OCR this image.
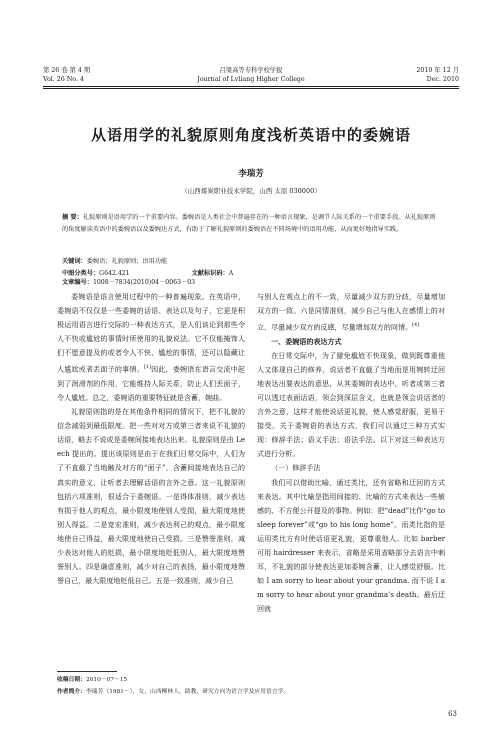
第 26 卷 第 4 期
Vol. 26 No. 4
吕梁高等专科学校学报
Journal of Lvliang Higher College
2010 年 12 月
Dec. 2010
从语用学的礼貌原则角度浅析英语中的委婉语
李瑞芳
（山西煤炭职业技术学院，山西 太原 030000）
摘 要：礼貌原则是语用学的一个重要内容。委婉语是人类社会中普遍存在的一种语言现象，是调节人际关系的一个重要手段。从礼貌原则的角度解读英语中的委婉语以及委婉达方式，有助于了解礼貌原则的委婉语在不同场境中的语用功能，从而更好地指导实践。
关键词：委婉语；礼貌原则；语用功能
中图分类号：G642.421	文献标识码：A 文章编号：1008－7834(2010)04－0063－03

委婉语是语言使用过程中的一种普遍现象。在英语中，委婉语不仅仅是一些委婉的话语、表达以及句子，它更是积极运用语言进行交际的一种表达方式，是人们谈论到那些令人不快或尴尬的事情时所使用的礼貌说法。它不仅能掩饰人们不愿意提及的或者令人不快、尴尬的事情，还可以隐藏让人尴尬或者丢面子的事情。[1]因此，委婉语在语言交流中起到了润滑剂的作用，它能维持人际关系，防止人们丢面子，令人尴尬。总之，委婉语的重要特征就是含蓄，婉曲。

礼貌原则指的是在其他条件相同的情况下，把不礼貌的信念减弱到最低限度。把一些对对方或第三者来说不礼貌的话语，略去不说或是委婉间接地表达出来。礼貌原则是由 Leech 提出的。提出该原则是由于在我们日常交际中，人们为了不直截了当地触及对方的“面子”，含蓄间接地表达自己的真实的意义，让听者去理解话语的言外之意。这一礼貌原则包括六项准则，很适合于委婉语。一是得体准则，减少表达有损于他人的观点，最小限度地使别人受损，最大限度地使别人得益。二是宽宏准则，减少表达利己的观点，最小限度地使自己得益，最大限度地使自己受损。三是赞誉准则，减少表达对他人的贬损，最小限度地贬低别人，最大限度地赞誉别人。四是谦虚准则，减少对自己的表扬，最小限度地赞誉自己，最大限度地贬低自己。五是一致准则，减少自己

与别人在观点上的不一致，尽量减少双方的分歧，尽量增加双方的一致。六是同情准则，减少自己与他人在感情上的对立，尽量减少双方的反感，尽量增加双方的同情。[4]

一、委婉语的表达方式

在日常交际中，为了避免尴尬不快现象，做到既尊重他人又体现自己的修养，说话者不直截了当地而是用婉转迂回地表达出要表达的意思，从其委婉的表达中，听者或第三者可以透过表面话语，领会到深层含义，也就是领会说话者的言外之意，这样才能使说话更礼貌，使人感觉舒服，更易于接受。关于委婉语的表达方式，我们可以通过三种方式实现：修辞手法；语义手法；语法手法。以下对这三种表达方式进行分析。

（一）修辞手法

我们可以借助比喻，通过类比，还有省略和迂回的方式来表达。其中比喻是指用间接的、比喻的方式来表达一些敏感的、不方便公开提及的事物。例如：把“dead”比作“go to sleep forever”或“go to his long home”。而类比指的是运用类比方有时使话语更礼貌，更尊重他人。比如 barber 可用 hairdresser 来表示，省略是采用省略部分去语言中刺耳，不礼貌的部分使表达更加委婉含蓄，让人感觉舒服。比如 I am sorry to hear about your grandma. 而不说 I am sorry to hear about your grandma’s death。最后迂回就

收稿日期：2010－07－15
作者简介：李瑞芳（1981－），女，山西柳林人，助教，研究方向为语言学及应用语言学。
63
